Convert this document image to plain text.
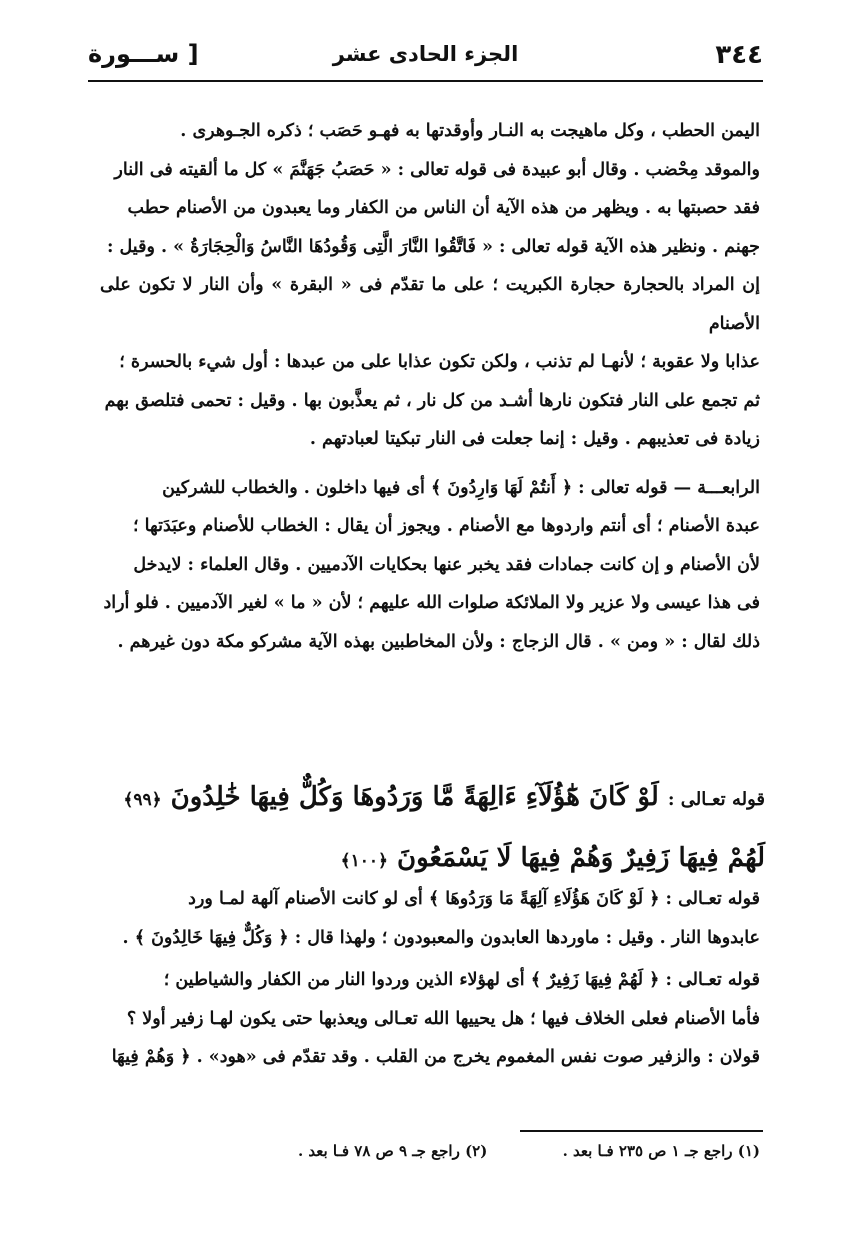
٣٤٤
الجزء الحادى عشر
[ ســـورة

اليمن الحطب ، وكل ماهيجت به النـار وأوقدتها به فهـو حَصَب ؛ ذكره الجـوهرى .

والموقد مِحْضب . وقال أبو عبيدة فى قوله تعالى : « حَصَبُ جَهَنَّمَ » كل ما ألقيته فى النار

فقد حصبتها به . ويظهر من هذه الآية أن الناس من الكفار وما يعبدون من الأصنام حطب

جهنم . ونظير هذه الآية قوله تعالى : « فَاتَّقُوا النَّارَ الَّتِى وَقُودُهَا النَّاسُ وَالْحِجَارَةُ » . وقيل :

إن المراد بالحجارة حجارة الكبريت ؛ على ما تقدّم فى « البقرة » وأن النار لا تكون على الأصنام

عذابا ولا عقوبة ؛ لأنهـا لم تذنب ، ولكن تكون عذابا على من عبدها : أول شيء بالحسرة ؛

ثم تجمع على النار فتكون نارها أشـد من كل نار ، ثم يعذَّبون بها . وقيل : تحمى فتلصق بهم

زيادة فى تعذيبهم . وقيل : إنما جعلت فى النار تبكيتا لعبادتهم .

الرابعـــة — قوله تعالى : ﴿ أَنتُمْ لَهَا وَارِدُونَ ﴾ أى فيها داخلون . والخطاب للشركين

عبدة الأصنام ؛ أى أنتم واردوها مع الأصنام . ويجوز أن يقال : الخطاب للأصنام وعبَدَتها ؛

لأن الأصنام و إن كانت جمادات فقد يخبر عنها بحكايات الآدميين . وقال العلماء : لايدخل

فى هذا عيسى ولا عزير ولا الملائكة صلوات الله عليهم ؛ لأن « ما » لغير الآدميين . فلو أراد

ذلك لقال : « ومن » . قال الزجاج : ولأن المخاطبين بهذه الآية مشركو مكة دون غيرهم .

قوله تعـالى : لَوْ كَانَ هَٰٓؤُلَآءِ ءَالِهَةً مَّا وَرَدُوهَا وَكُلٌّ فِيهَا خَٰلِدُونَ ﴿٩٩﴾
لَهُمْ فِيهَا زَفِيرٌ وَهُمْ فِيهَا لَا يَسْمَعُونَ ﴿١٠٠﴾

قوله تعـالى : ﴿ لَوْ كَانَ هَؤُلَاءِ آلِهَةً مَا وَرَدُوهَا ﴾ أى لو كانت الأصنام آلهة لمـا ورد

عابدوها النار . وقيل : ماوردها العابدون والمعبودون ؛ ولهذا قال : ﴿ وَكُلٌّ فِيهَا خَالِدُونَ ﴾ .

قوله تعـالى : ﴿ لَهُمْ فِيهَا زَفِيرٌ ﴾ أى لهؤلاء الذين وردوا النار من الكفار والشياطين ؛

فأما الأصنام فعلى الخلاف فيها ؛ هل يحييها الله تعـالى ويعذبها حتى يكون لهـا زفير أولا ؟

قولان : والزفير صوت نفس المغموم يخرج من القلب . وقد تقدّم فى «هود» . ﴿ وَهُمْ فِيهَا

(١) راجع جـ ١ ص ٢٣٥ فـا بعد . (٢) راجع جـ ٩ ص ٧٨ فـا بعد .
